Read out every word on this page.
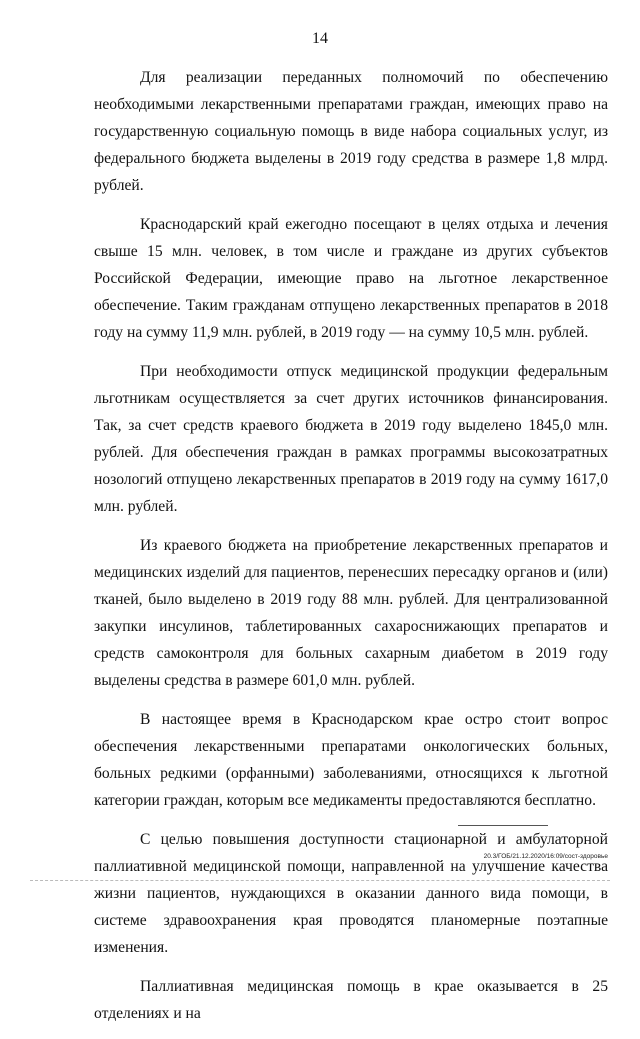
14

Для реализации переданных полномочий по обеспечению необходимыми лекарственными препаратами граждан, имеющих право на государственную социальную помощь в виде набора социальных услуг, из федерального бюджета выделены в 2019 году средства в размере 1,8 млрд. рублей.

Краснодарский край ежегодно посещают в целях отдыха и лечения свыше 15 млн. человек, в том числе и граждане из других субъектов Российской Федерации, имеющие право на льготное лекарственное обеспечение. Таким гражданам отпущено лекарственных препаратов в 2018 году на сумму 11,9 млн. рублей, в 2019 году — на сумму 10,5 млн. рублей.

При необходимости отпуск медицинской продукции федеральным льготникам осуществляется за счет других источников финансирования. Так, за счет средств краевого бюджета в 2019 году выделено 1845,0 млн. рублей. Для обеспечения граждан в рамках программы высокозатратных нозологий отпущено лекарственных препаратов в 2019 году на сумму 1617,0 млн. рублей.

Из краевого бюджета на приобретение лекарственных препаратов и медицинских изделий для пациентов, перенесших пересадку органов и (или) тканей, было выделено в 2019 году 88 млн. рублей. Для централизованной закупки инсулинов, таблетированных сахароснижающих препаратов и средств самоконтроля для больных сахарным диабетом в 2019 году выделены средства в размере 601,0 млн. рублей.

В настоящее время в Краснодарском крае остро стоит вопрос обеспечения лекарственными препаратами онкологических больных, больных редкими (орфанными) заболеваниями, относящихся к льготной категории граждан, которым все медикаменты предоставляются бесплатно.

С целью повышения доступности стационарной и амбулаторной паллиативной медицинской помощи, направленной на улучшение качества жизни пациентов, нуждающихся в оказании данного вида помощи, в системе здравоохранения края проводятся планомерные поэтапные изменения.

Паллиативная медицинская помощь в крае оказывается в 25 отделениях и на

20.3/ГОБ/21.12.2020/16:09/сост-здоровье
